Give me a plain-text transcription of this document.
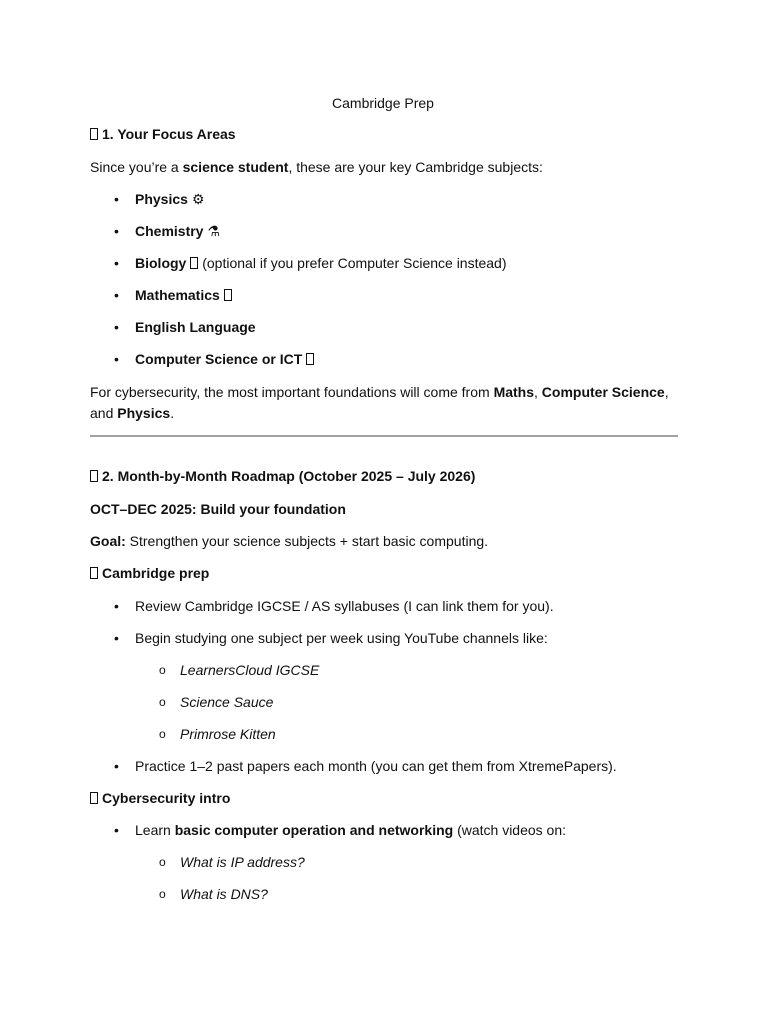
Cambridge Prep
1. Your Focus Areas
Since you’re a science student, these are your key Cambridge subjects:
• Physics ⚙
• Chemistry ⚗
• Biology (optional if you prefer Computer Science instead)
• Mathematics
• English Language
• Computer Science or ICT
For cybersecurity, the most important foundations will come from Maths, Computer Science,
and Physics.
2. Month-by-Month Roadmap (October 2025 – July 2026)
OCT–DEC 2025: Build your foundation
Goal: Strengthen your science subjects + start basic computing.
Cambridge prep
• Review Cambridge IGCSE / AS syllabuses (I can link them for you).
• Begin studying one subject per week using YouTube channels like:
o LearnersCloud IGCSE
o Science Sauce
o Primrose Kitten
• Practice 1–2 past papers each month (you can get them from XtremePapers).
Cybersecurity intro
• Learn basic computer operation and networking (watch videos on:
o What is IP address?
o What is DNS?
